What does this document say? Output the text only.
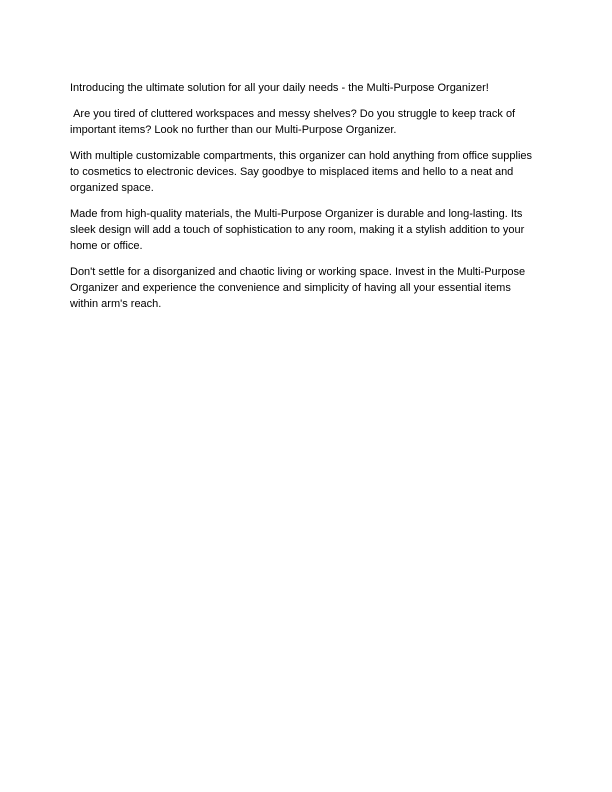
Introducing the ultimate solution for all your daily needs - the Multi-Purpose Organizer!

Are you tired of cluttered workspaces and messy shelves? Do you struggle to keep track of important items? Look no further than our Multi-Purpose Organizer.

With multiple customizable compartments, this organizer can hold anything from office supplies to cosmetics to electronic devices. Say goodbye to misplaced items and hello to a neat and organized space.

Made from high-quality materials, the Multi-Purpose Organizer is durable and long-lasting. Its sleek design will add a touch of sophistication to any room, making it a stylish addition to your home or office.

Don't settle for a disorganized and chaotic living or working space. Invest in the Multi-Purpose Organizer and experience the convenience and simplicity of having all your essential items within arm's reach.
